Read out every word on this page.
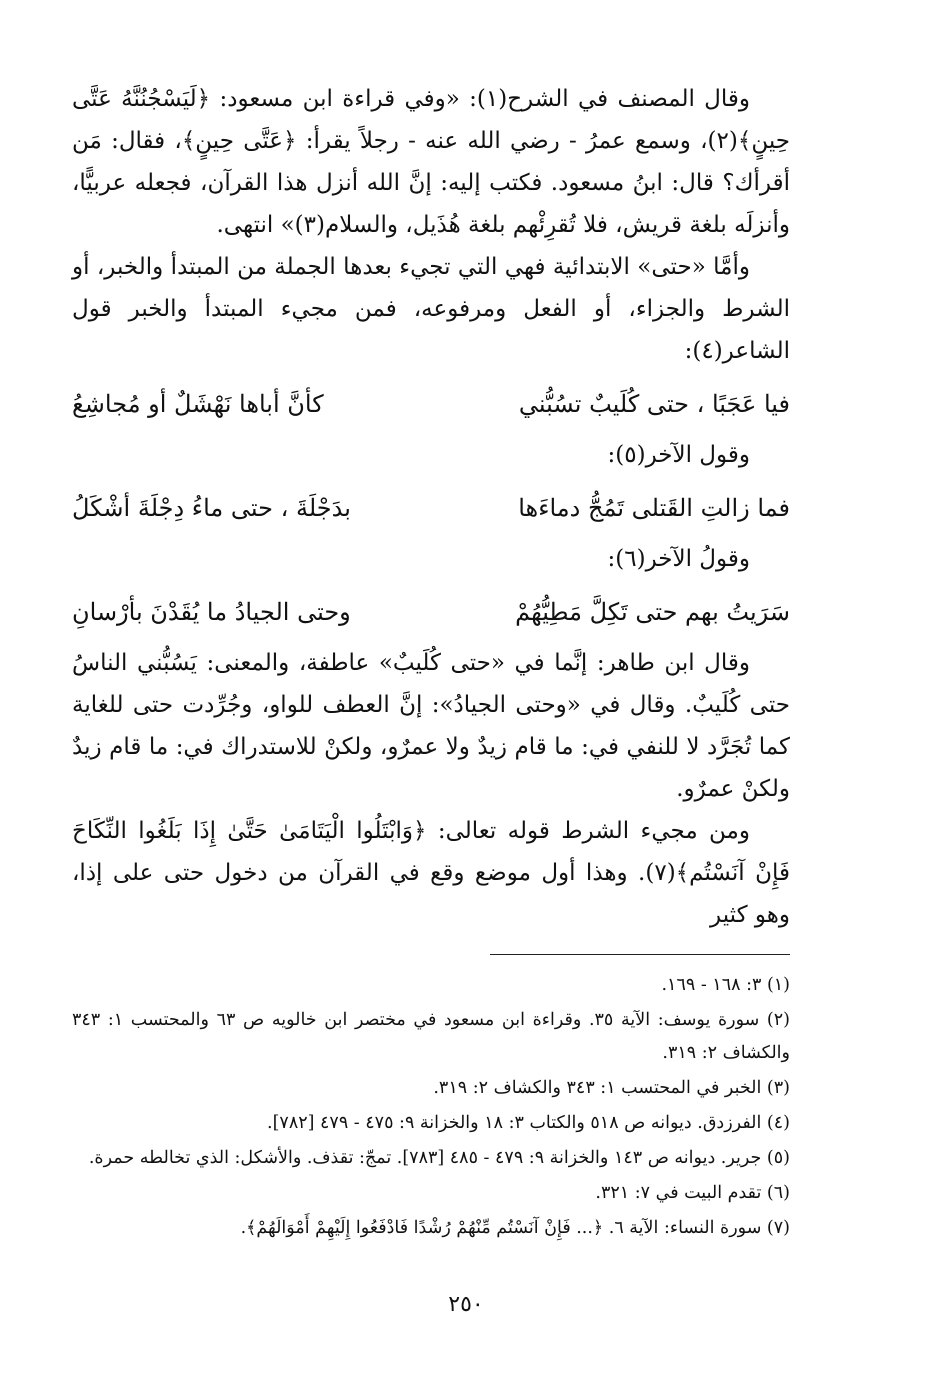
وقال المصنف في الشرح(١): «وفي قراءة ابن مسعود: ﴿لَيَسْجُنُنَّهُ عَتَّى حِينٍ﴾(٢)، وسمع عمرُ - رضي الله عنه - رجلاً يقرأ: ﴿عَتَّى حِينٍ﴾، فقال: مَن أقرأك؟ قال: ابنُ مسعود. فكتب إليه: إنَّ الله أنزل هذا القرآن، فجعله عربيًّا، وأنزلَه بلغة قريش، فلا تُقرِئْهم بلغة هُذَيل، والسلام(٣)» انتهى.

وأمَّا «حتى» الابتدائية فهي التي تجيء بعدها الجملة من المبتدأ والخبر، أو الشرط والجزاء، أو الفعل ومرفوعه، فمن مجيء المبتدأ والخبر قول الشاعر(٤):

فيا عَجَبًا ، حتى كُلَيبٌ تسُبُّني
كأنَّ أباها نَهْشَلٌ أو مُجاشِعُ

وقول الآخر(٥):

فما زالتِ القَتلى تَمُجُّ دماءَها
بدَجْلَةَ ، حتى ماءُ دِجْلَةَ أشْكَلُ

وقولُ الآخر(٦):

سَرَيتُ بهم حتى تَكِلَّ مَطِيُّهُمْ
وحتى الجيادُ ما يُقَدْنَ بأرْسانِ

وقال ابن طاهر: إنَّما في «حتى كُلَيبٌ» عاطفة، والمعنى: يَسُبُّني الناسُ حتى كُلَيبٌ. وقال في «وحتى الجيادُ»: إنَّ العطف للواو، وجُرِّدت حتى للغاية كما تُجَرَّد لا للنفي في: ما قام زيدٌ ولا عمرٌو، ولكنْ للاستدراك في: ما قام زيدٌ ولكنْ عمرٌو.

ومن مجيء الشرط قوله تعالى: ﴿وَابْتَلُوا الْيَتَامَىٰ حَتَّىٰ إِذَا بَلَغُوا النِّكَاحَ فَإِنْ آنَسْتُم﴾(٧). وهذا أول موضع وقع في القرآن من دخول حتى على إذا، وهو كثير

(١) ٣: ١٦٨ - ١٦٩.

(٢) سورة يوسف: الآية ٣٥. وقراءة ابن مسعود في مختصر ابن خالويه ص ٦٣ والمحتسب ١: ٣٤٣ والكشاف ٢: ٣١٩.

(٣) الخبر في المحتسب ١: ٣٤٣ والكشاف ٢: ٣١٩.

(٤) الفرزدق. ديوانه ص ٥١٨ والكتاب ٣: ١٨ والخزانة ٩: ٤٧٥ - ٤٧٩ [٧٨٢].

(٥) جرير. ديوانه ص ١٤٣ والخزانة ٩: ٤٧٩ - ٤٨٥ [٧٨٣]. تمجّ: تقذف. والأشكل: الذي تخالطه حمرة.

(٦) تقدم البيت في ٧: ٣٢١.

(٧) سورة النساء: الآية ٦. ﴿... فَإِنْ آنَسْتُم مِّنْهُمْ رُشْدًا فَادْفَعُوا إِلَيْهِمْ أَمْوَالَهُمْ﴾.

٢٥٠
